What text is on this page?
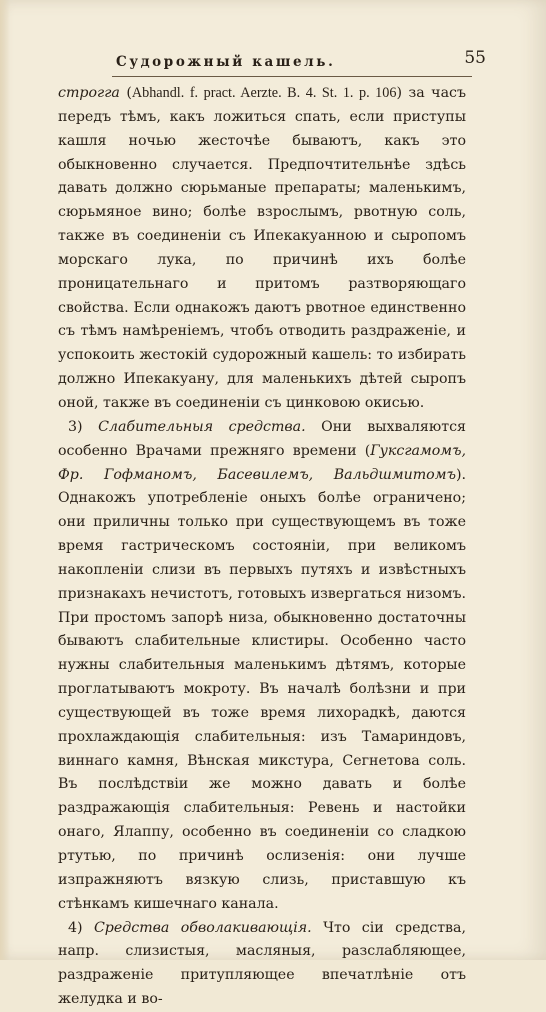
Судорожный кашель.	55

строгга (Abhandl. f. pract. Aerzte. B. 4. St. 1. p. 106) за часъ передъ тѣмъ, какъ ложиться спать, если приступы кашля ночью жесточѣе бываютъ, какъ это обыкновенно случается. Предпочтительнѣе здѣсь давать должно сюрьманые препараты; маленькимъ, сюрьмяное вино; болѣе взрослымъ, рвотную соль, также въ соединеніи съ Ипекакуанною и сыропомъ морскаго лука, по причинѣ ихъ болѣе проницательнаго и притомъ разтворяющаго свойства. Если однакожъ даютъ рвотное единственно съ тѣмъ намѣреніемъ, чтобъ отводить раздраженіе, и успокоить жестокій судорожный кашель: то избирать должно Ипекакуану, для маленькихъ дѣтей сыропъ оной, также въ соединеніи съ цинковою окисью.

3) Слабительныя средства. Они выхваляются особенно Врачами прежняго времени (Гуксгамомъ, Фр. Гофманомъ, Басевилемъ, Вальдшмитомъ). Однакожъ употребленіе оныхъ болѣе ограничено; они приличны только при существующемъ въ тоже время гастрическомъ состояніи, при великомъ накопленіи слизи въ первыхъ путяхъ и извѣстныхъ признакахъ нечистотъ, готовыхъ извергаться низомъ. При простомъ запорѣ низа, обыкновенно достаточны бываютъ слабительные клистиры. Особенно часто нужны слабительныя маленькимъ дѣтямъ, которые проглатываютъ мокроту. Въ началѣ болѣзни и при существующей въ тоже время лихорадкѣ, даются прохлаждающія слабительныя: изъ Тамариндовъ, виннаго камня, Вѣнская микстура, Сегнетова соль. Въ послѣдствіи же можно давать и болѣе раздражающія слабительныя: Ревень и настойки онаго, Ялаппу, особенно въ соединеніи со сладкою ртутью, по причинѣ ослизенія: они лучше изпражняютъ вязкую слизь, приставшую къ стѣнкамъ кишечнаго канала.

4) Средства обволакивающія. Что сіи средства, напр. слизистыя, масляныя, разслабляющее, раздраженіе притупляющее впечатлѣніе отъ желудка и во-
